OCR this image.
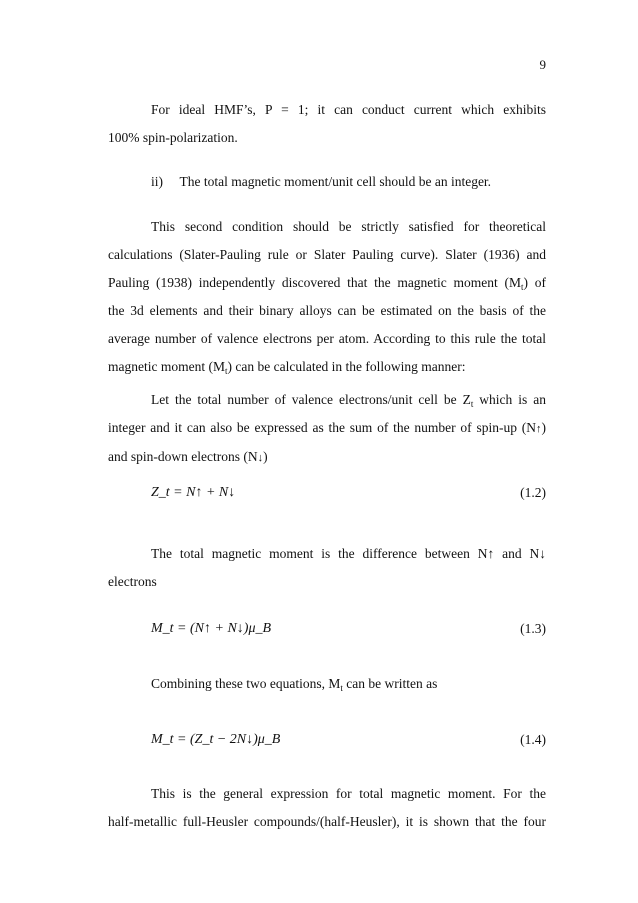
9
For ideal HMF’s, P = 1; it can conduct current which exhibits
100% spin-polarization.
ii) The total magnetic moment/unit cell should be an integer.
This second condition should be strictly satisfied for theoretical
calculations (Slater-Pauling rule or Slater Pauling curve). Slater (1936) and
Pauling (1938) independently discovered that the magnetic moment $(M_t)$ of
the 3d elements and their binary alloys can be estimated on the basis of the
average number of valence electrons per atom. According to this rule the total
magnetic moment $(M_t)$ can be calculated in the following manner:
Let the total number of valence electrons/unit cell be $Z_t$ which is an
integer and it can also be expressed as the sum of the number of spin-up (N↑)
and spin-down electrons (N↓)
Z_t = N↑ + N↓	(1.2)
The total magnetic moment is the difference between N↑ and N↓
electrons
M_t = (N↑ + N↓)μ_B	(1.3)
Combining these two equations, $M_t$ can be written as
M_t = (Z_t − 2N↓)μ_B	(1.4)
This is the general expression for total magnetic moment. For the
half-metallic full-Heusler compounds/(half-Heusler), it is shown that the four
